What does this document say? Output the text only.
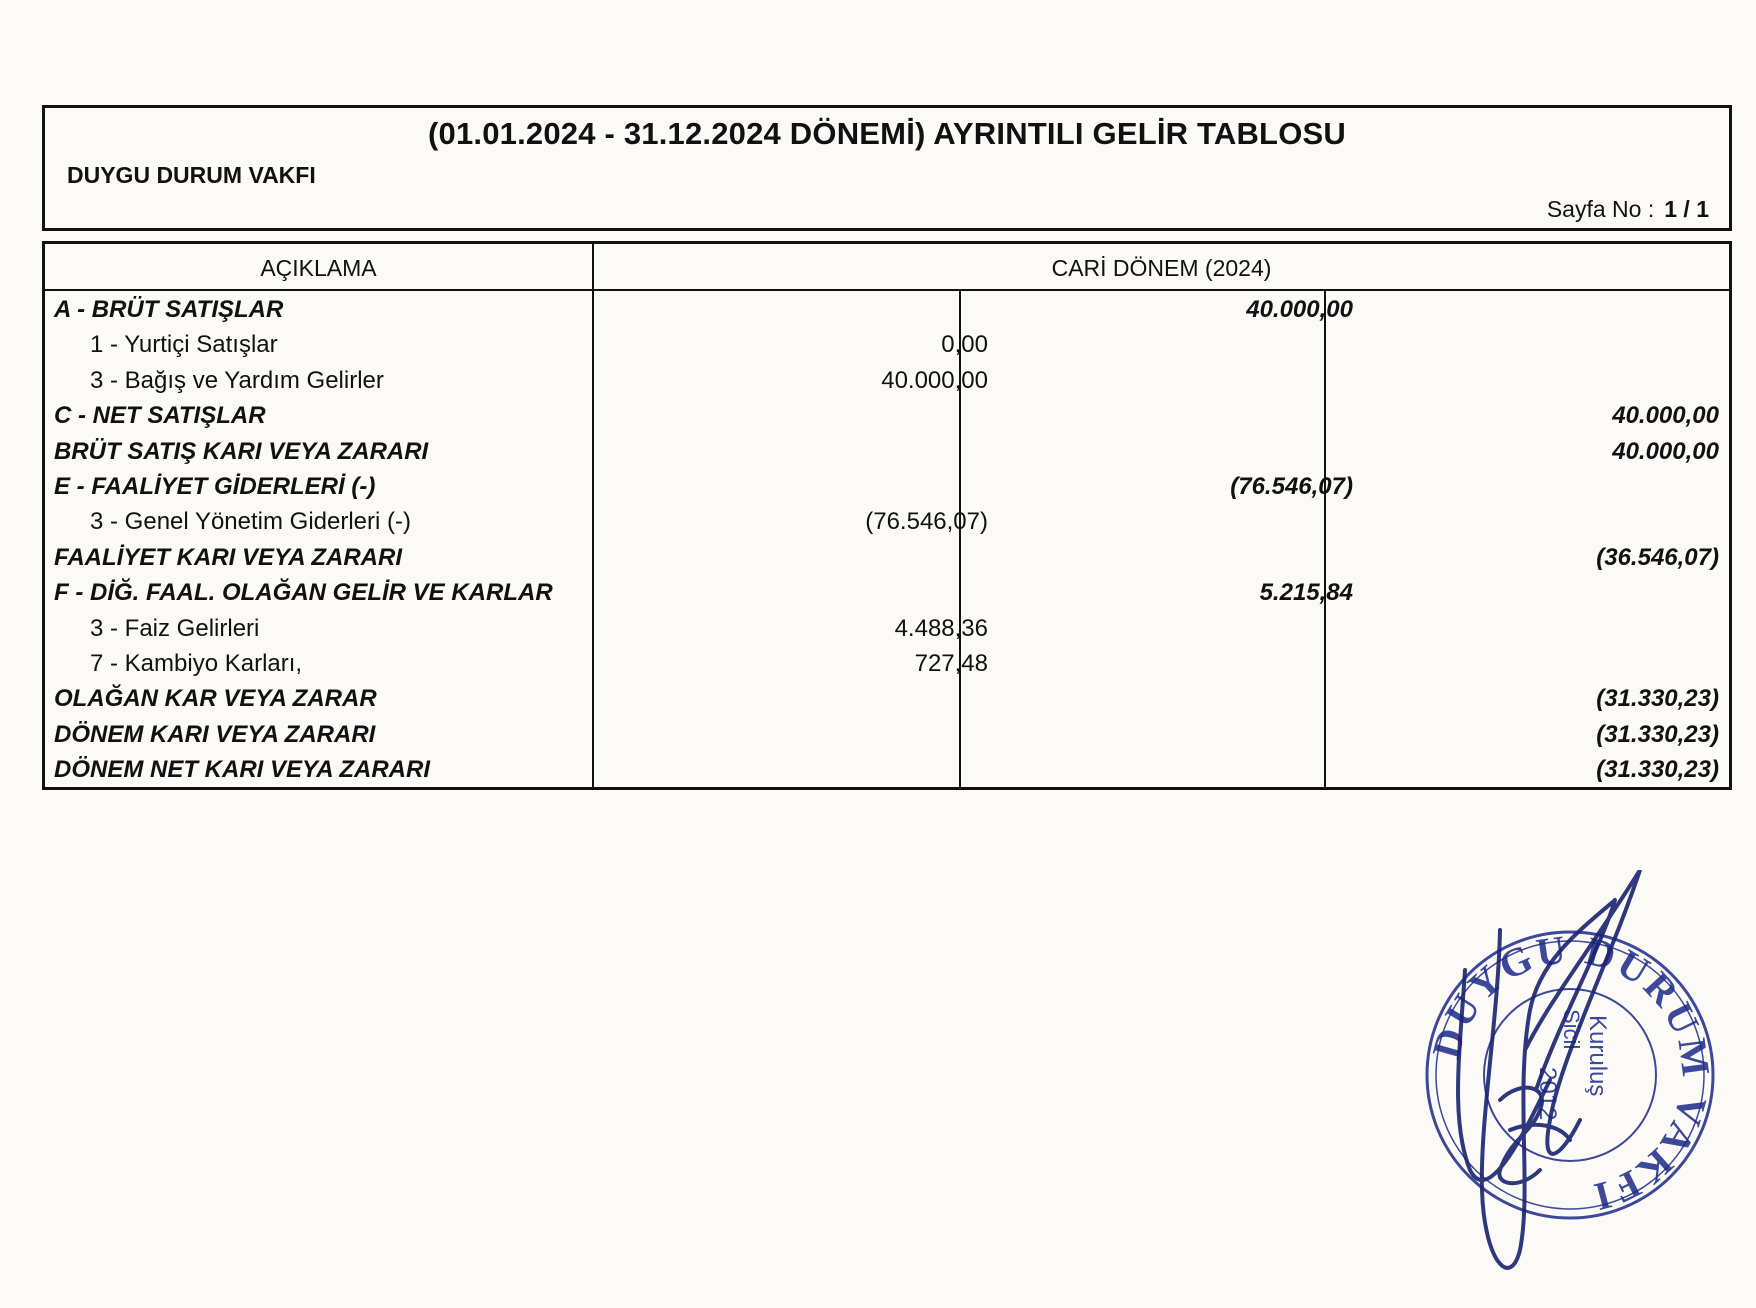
(01.01.2024 - 31.12.2024 DÖNEMİ) AYRINTILI GELİR TABLOSU
DUYGU DURUM VAKFI
Sayfa No : 1 / 1
AÇIKLAMA	CARİ DÖNEM (2024)
A - BRÜT SATIŞLAR	40.000,00
1 - Yurtiçi Satışlar	0,00
3 - Bağış ve Yardım Gelirler	40.000,00
C - NET SATIŞLAR	40.000,00
BRÜT SATIŞ KARI VEYA ZARARI	40.000,00
E - FAALİYET GİDERLERİ (-)	(76.546,07)
3 - Genel Yönetim Giderleri (-)	(76.546,07)
FAALİYET KARI VEYA ZARARI	(36.546,07)
F - DİĞ. FAAL. OLAĞAN GELİR VE KARLAR	5.215,84
3 - Faiz Gelirleri	4.488,36
7 - Kambiyo Karları,	727,48
OLAĞAN KAR VEYA ZARAR	(31.330,23)
DÖNEM KARI VEYA ZARARI	(31.330,23)
DÖNEM NET KARI VEYA ZARARI	(31.330,23)
DUYGU DURUM VAKFI
Kuruluş
Sicil
2012
